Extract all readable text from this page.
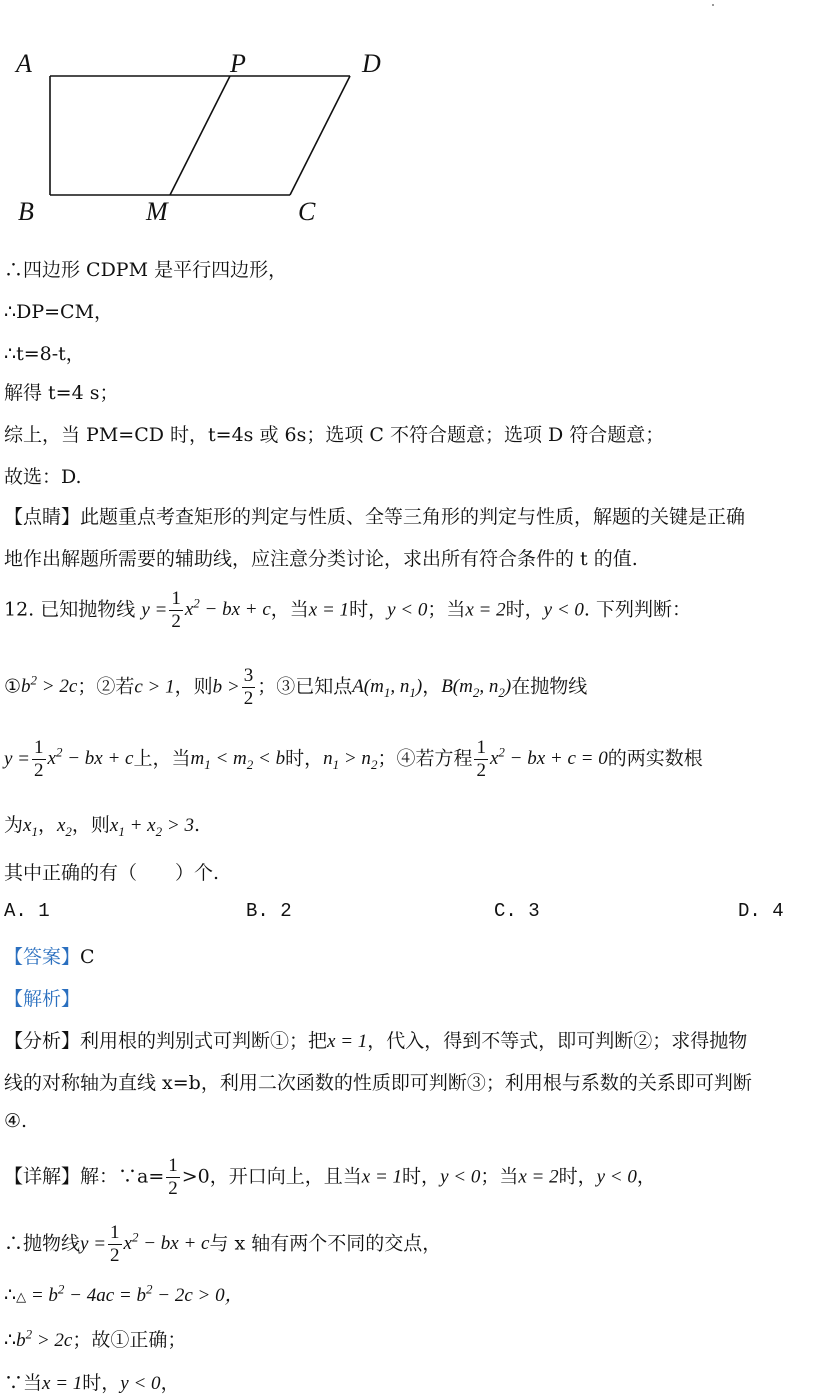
A	P	D
B	M	C
∴四边形 CDPM 是平行四边形，
∴DP=CM，
∴t=8-t，
解得 t=4 s；
综上，当 PM=CD 时，t=4s 或 6s；选项 C 不符合题意；选项 D 符合题意；
故选：D.
【点睛】此题重点考查矩形的判定与性质、全等三角形的判定与性质，解题的关键是正确
地作出解题所需要的辅助线，应注意分类讨论，求出所有符合条件的 t 的值.
12. 已知抛物线 $y = \frac{1}{2} x^2$ − bx + c，当x = 1时，y < 0；当x = 2时，y < 0. 下列判断：
$①b^2 > 2c$；②若c > 1，则$b > \frac{3}{2}$ ；③已知点$A(m_1$, $n_1$)，$B(m_2$, $n_2$)在抛物线
$y = \frac{1}{2} x^2$ − bx + c上，当$m_1 < m_2 < b$时，$n_1 > n_2$；④若方程 $\frac{1}{2} x^2$ − bx + c = 0的两实数根
为$x_1$，$x_2$，则$x_1 + x_2 > 3$.
其中正确的有（　　）个.
A. 1	B. 2	C. 3	D. 4
【答案】C
【解析】
【分析】利用根的判别式可判断①；把x = 1，代入，得到不等式，即可判断②；求得抛物
线的对称轴为直线 x=b，利用二次函数的性质即可判断③；利用根与系数的关系即可判断
④.
【详解】解：∵a= $\frac{1}{2} >0$，开口向上，且当x = 1时，y < 0；当x = 2时，y < 0，
∴抛物线$y = \frac{1}{2} x^2$ − bx + c与 x 轴有两个不同的交点，
∴△ = $b^2 - 4ac = b^2 - 2c > 0$，
$\therefore b^2 > 2c$；故①正确；
∵当x = 1时，y < 0，
